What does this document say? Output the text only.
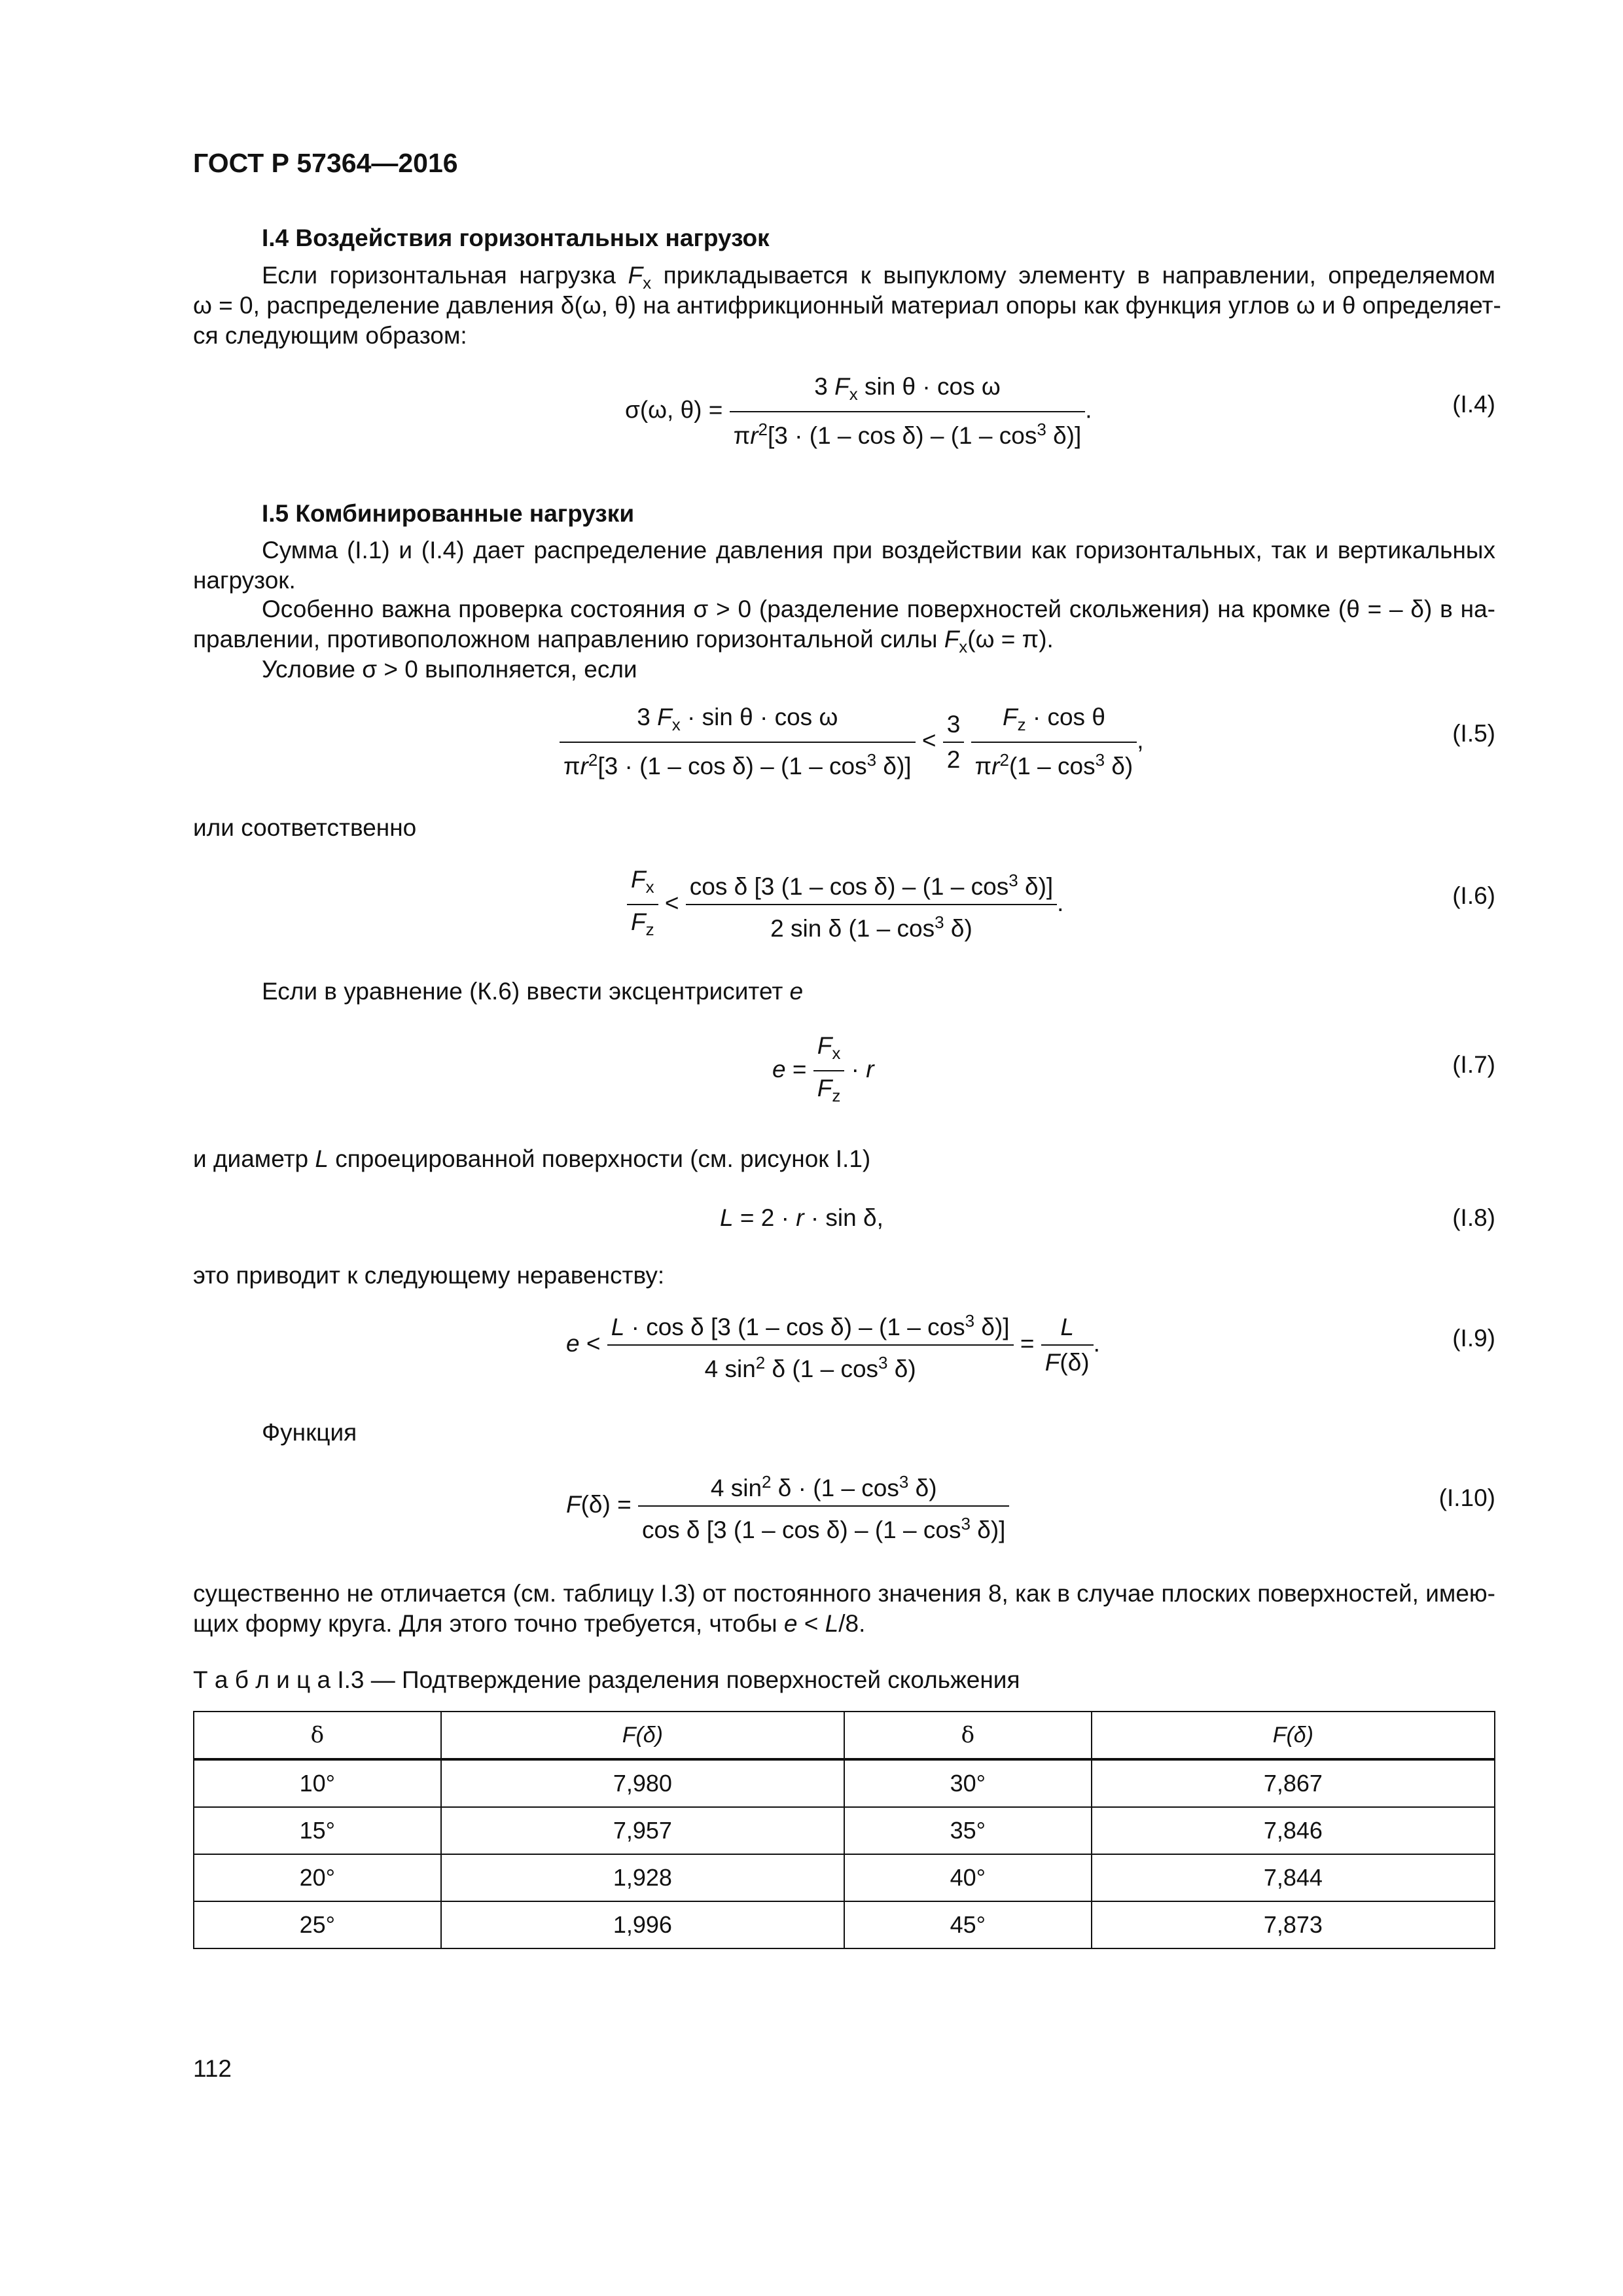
ГОСТ Р 57364—2016
I.4 Воздействия горизонтальных нагрузок
Если горизонтальная нагрузка $F_x$ прикладывается к выпуклому элементу в направлении, определяемом
ω = 0, распределение давления δ(ω, θ) на антифрикционный материал опоры как функция углов ω и θ определяет-
ся следующим образом:
σ(ω, $\theta) = \frac{3 F_x \sin \theta \cdot \cos \omega}{\pi r^2[3 \cdot (1 - \cos \delta) - (1 - \cos^3 \delta)]}$ .	(I.4)
I.5 Комбинированные нагрузки
Сумма (I.1) и (I.4) дает распределение давления при воздействии как горизонтальных, так и вертикальных
нагрузок.
Особенно важна проверка состояния σ > 0 (разделение поверхностей скольжения) на кромке (θ = – δ) в на-
правлении, противоположном направлению горизонтальной силы $F_x(\omega = \pi)$.
Условие σ > 0 выполняется, если
$\frac{3 F_x \cdot \sin \theta \cdot \cos \omega}{\pi r^2[3 \cdot (1 - \cos \delta) - (1 - \cos^3 \delta)]} < \frac{3}{2}$
$\frac{F_z \cdot \cos \theta}{\pi r^2(1 - \cos^3 \delta)}$ ,	(I.5)
или соответственно
$\frac{F_x}{F_z} < \frac{\cos \delta [3 (1 - \cos \delta) - (1 - \cos^3 \delta)]}{2 \sin \delta (1 - \cos^3 \delta)}$ .	(I.6)
Если в уравнение (К.6) ввести эксцентриситет e
$e = \frac{F_x}{F_z} \cdot r$	(I.7)
и диаметр L спроецированной поверхности (см. рисунок I.1)
L = 2 · r · sin δ,	(I.8)
это приводит к следующему неравенству:
$e < \frac{L \cdot \cos \delta [3 (1 - \cos \delta) - (1 - \cos^3 \delta)]}{4 \sin^2 \delta (1 - \cos^3 \delta)} = \frac{L}{F(\delta)}$ .	(I.9)
Функция
$F(\delta) = \frac{4 \sin^2 \delta \cdot (1 - \cos^3 \delta)}{\cos \delta [3 (1 - \cos \delta) - (1 - \cos^3 \delta)]}$	(I.10)
существенно не отличается (см. таблицу I.3) от постоянного значения 8, как в случае плоских поверхностей, имею-
щих форму круга. Для этого точно требуется, чтобы e < L/8.
Т а б л и ц а I.3 — Подтверждение разделения поверхностей скольжения
δ	F(δ)	δ	F(δ)
10°	7,980	30°	7,867
15°	7,957	35°	7,846
20°	1,928	40°	7,844
25°	1,996	45°	7,873
112
